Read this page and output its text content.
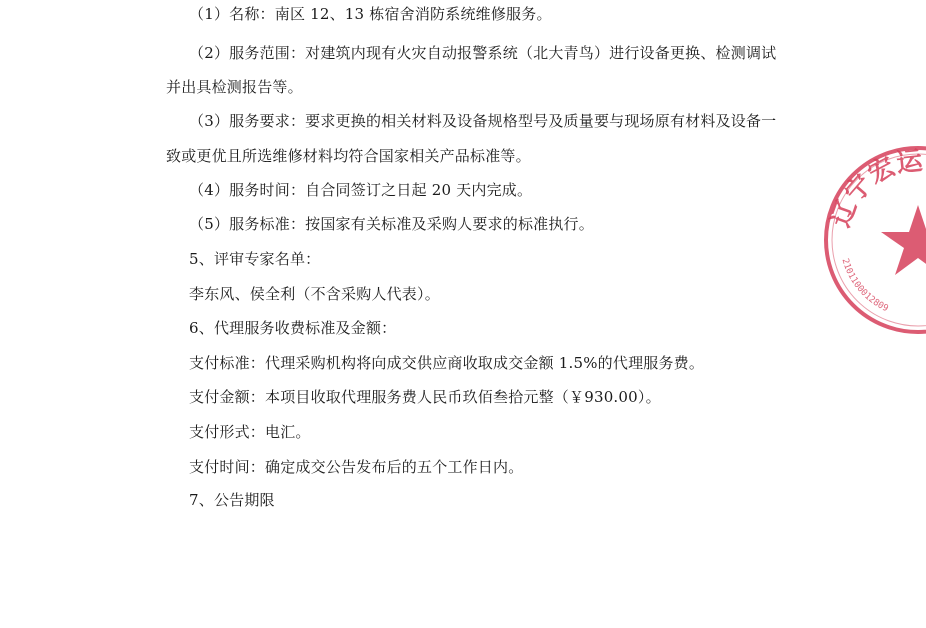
（1）名称：南区 12、13 栋宿舍消防系统维修服务。
（2）服务范围：对建筑内现有火灾自动报警系统（北大青鸟）进行设备更换、检测调试
并出具检测报告等。
（3）服务要求：要求更换的相关材料及设备规格型号及质量要与现场原有材料及设备一
致或更优且所选维修材料均符合国家相关产品标准等。
（4）服务时间：自合同签订之日起 20 天内完成。
（5）服务标准：按国家有关标准及采购人要求的标准执行。
5、评审专家名单：
李东风、侯全利（不含采购人代表）。
6、代理服务收费标准及金额：
支付标准：代理采购机构将向成交供应商收取成交金额 1.5%的代理服务费。
支付金额：本项目收取代理服务费人民币玖佰叁拾元整（￥930.00）。
支付形式：电汇。
支付时间：确定成交公告发布后的五个工作日内。
7、公告期限
辽宁宏运
2101100012809
